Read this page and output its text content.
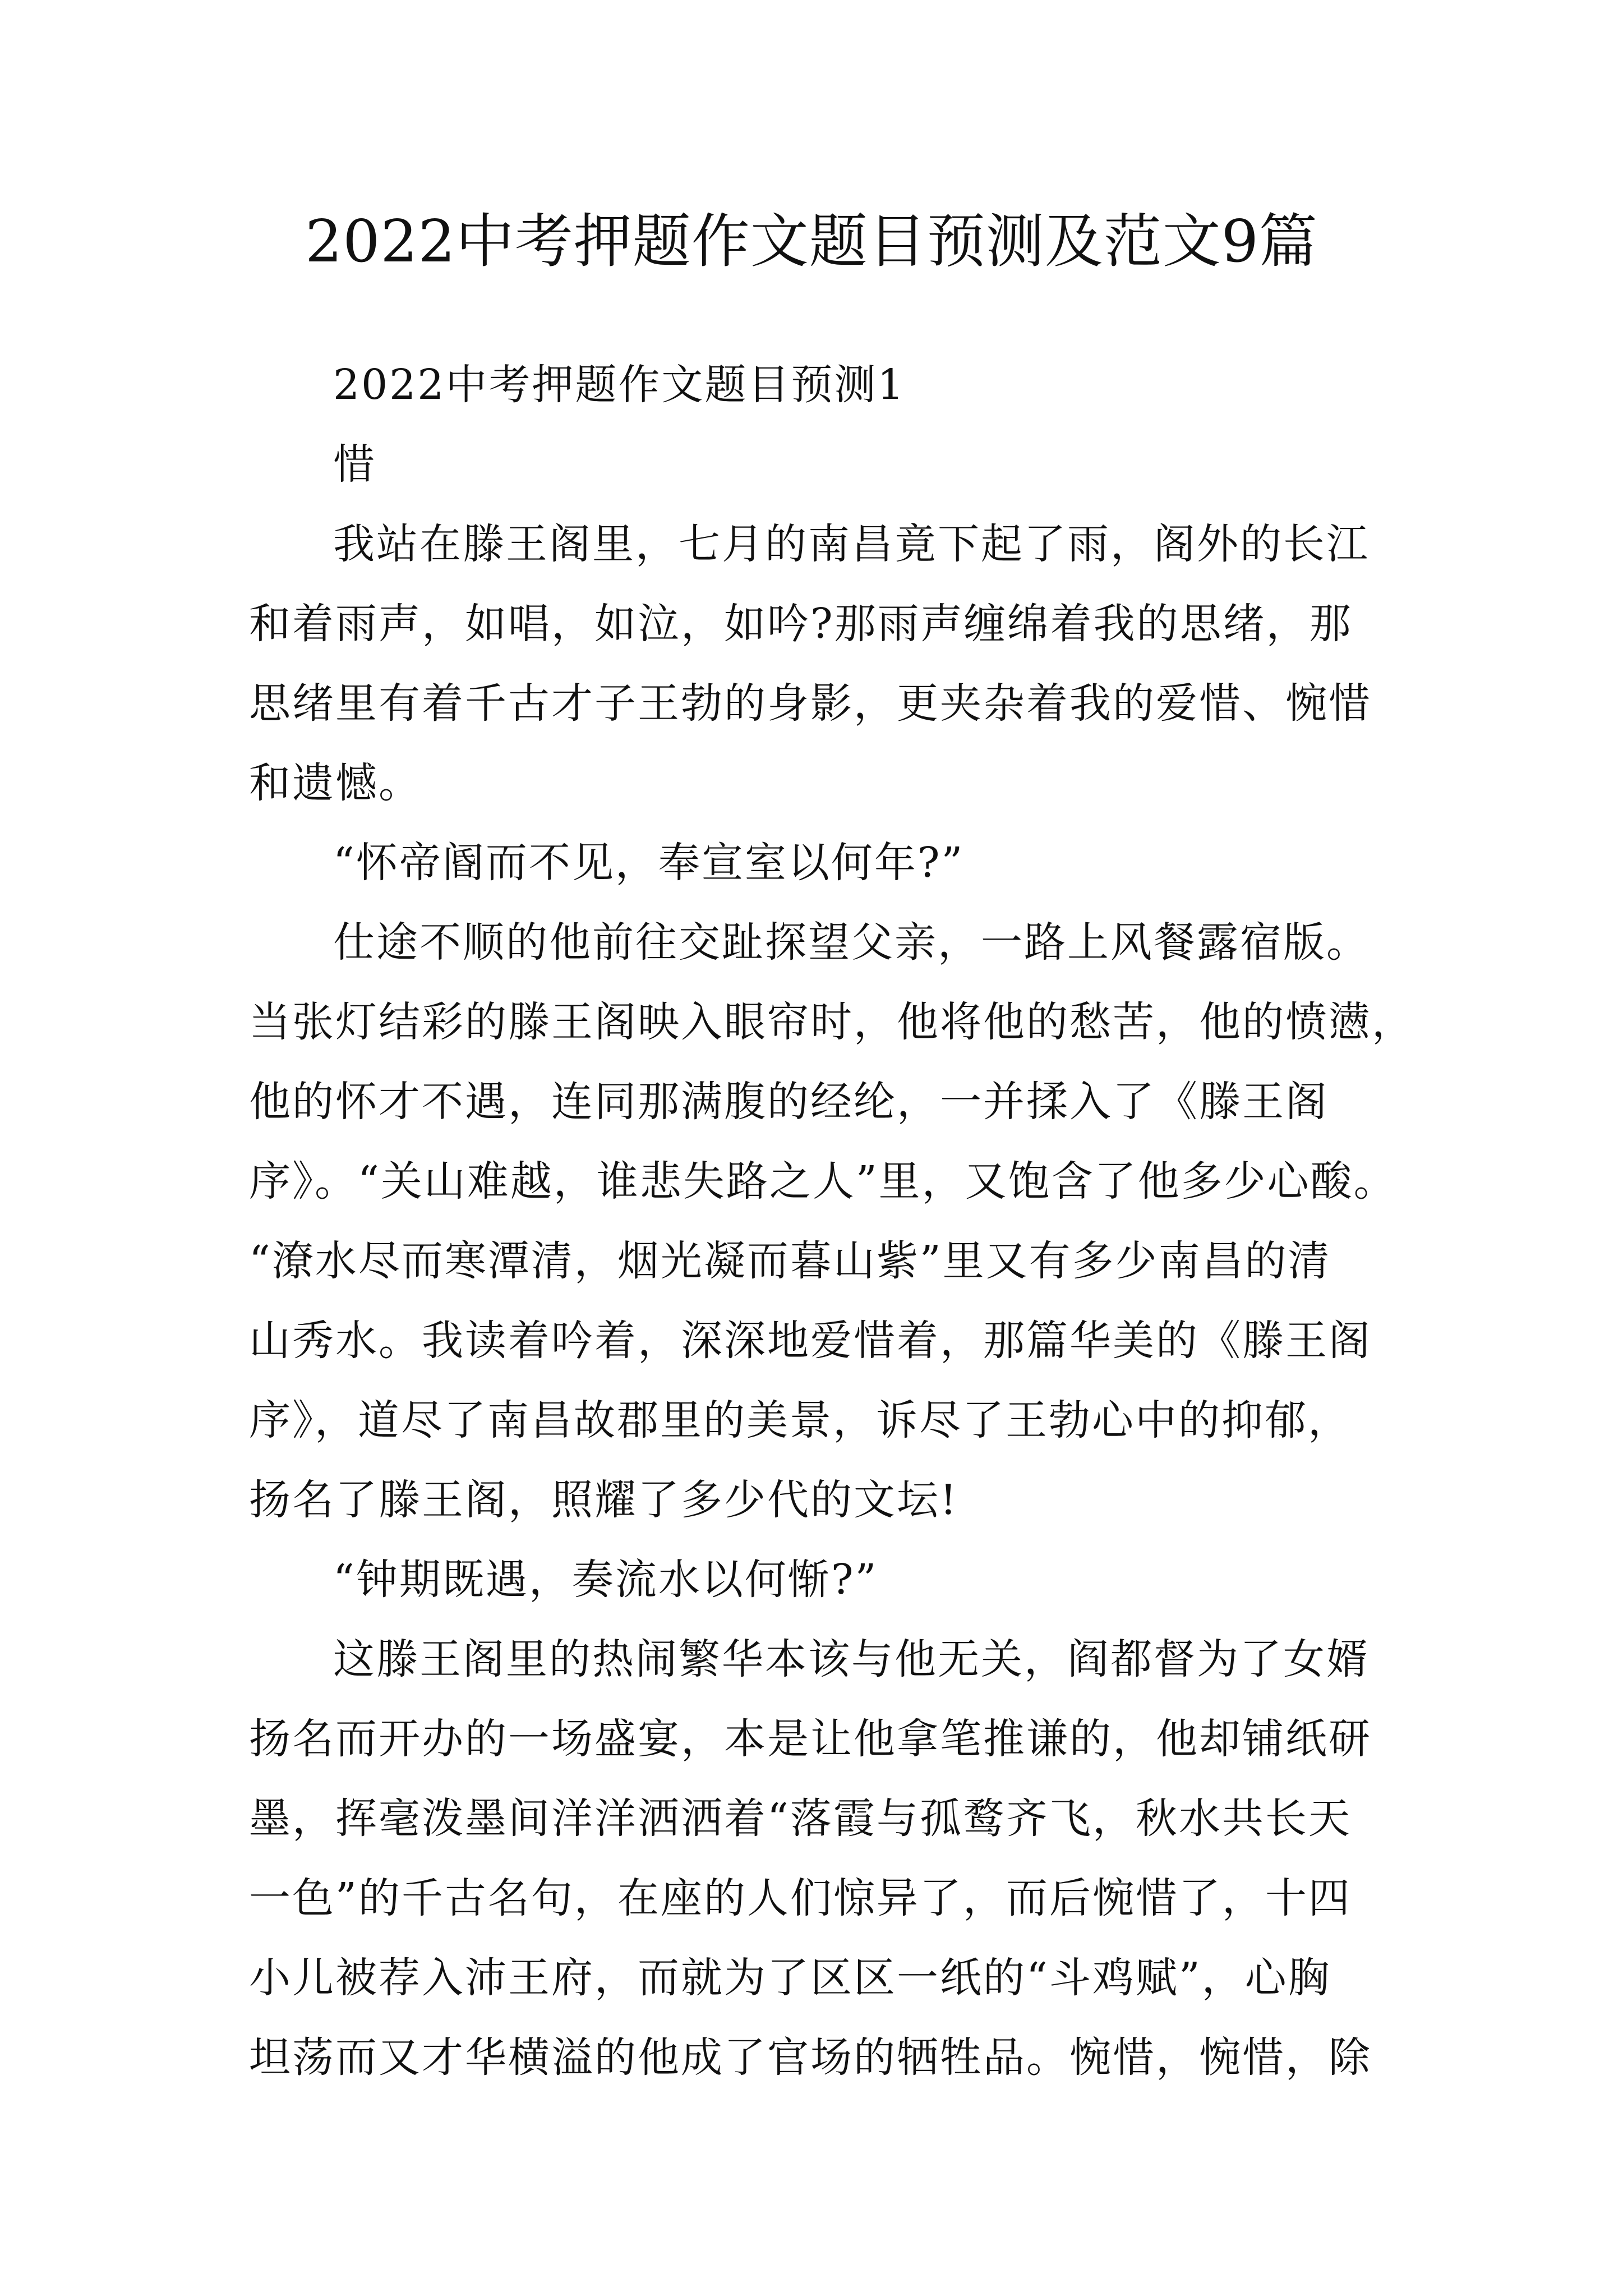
2022中考押题作文题目预测及范文9篇
2022中考押题作文题目预测1
惜
我站在滕王阁里，七月的南昌竟下起了雨，阁外的长江
和着雨声，如唱，如泣，如吟?那雨声缠绵着我的思绪，那
思绪里有着千古才子王勃的身影，更夹杂着我的爱惜、惋惜
和遗憾。
“怀帝阍而不见，奉宣室以何年?”
仕途不顺的他前往交趾探望父亲，一路上风餐露宿版。
当张灯结彩的滕王阁映入眼帘时，他将他的愁苦，他的愤懑，
他的怀才不遇，连同那满腹的经纶，一并揉入了《滕王阁
序》。“关山难越，谁悲失路之人”里，又饱含了他多少心酸。
“潦水尽而寒潭清，烟光凝而暮山紫”里又有多少南昌的清
山秀水。我读着吟着，深深地爱惜着，那篇华美的《滕王阁
序》，道尽了南昌故郡里的美景，诉尽了王勃心中的抑郁，
扬名了滕王阁，照耀了多少代的文坛!
“钟期既遇，奏流水以何惭?”
这滕王阁里的热闹繁华本该与他无关，阎都督为了女婿
扬名而开办的一场盛宴，本是让他拿笔推谦的，他却铺纸研
墨，挥毫泼墨间洋洋洒洒着“落霞与孤鹜齐飞，秋水共长天
一色”的千古名句，在座的人们惊异了，而后惋惜了，十四
小儿被荐入沛王府，而就为了区区一纸的“斗鸡赋”，心胸
坦荡而又才华横溢的他成了官场的牺牲品。惋惜，惋惜，除
